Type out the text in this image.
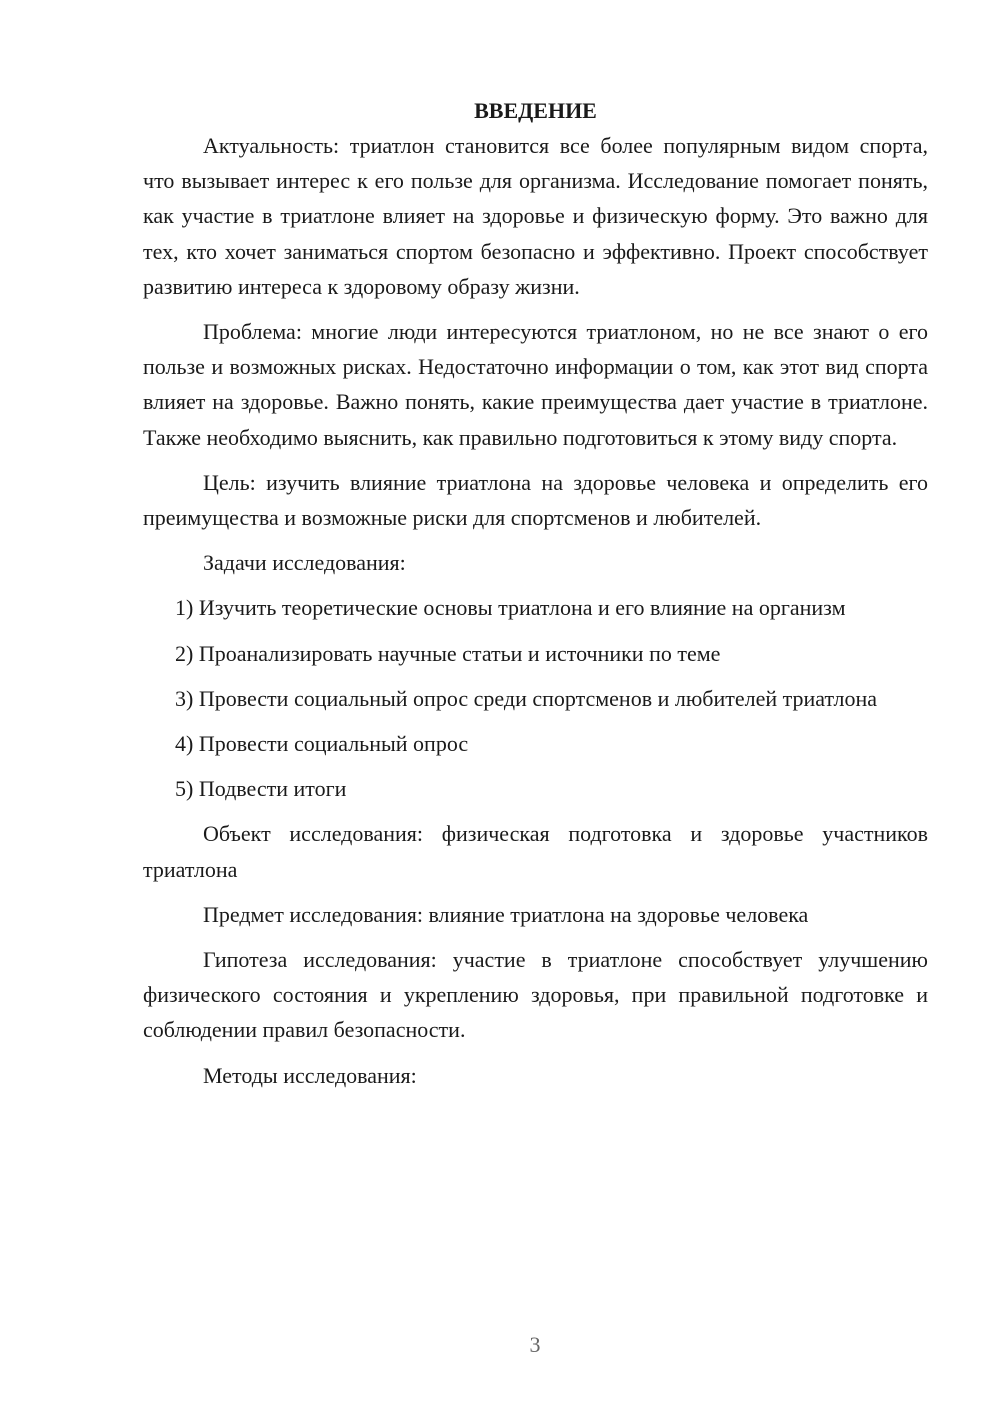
ВВЕДЕНИЕ

Актуальность: триатлон становится все более популярным видом спорта, что вызывает интерес к его пользе для организма. Исследование помогает понять, как участие в триатлоне влияет на здоровье и физическую форму. Это важно для тех, кто хочет заниматься спортом безопасно и эффективно. Проект способствует развитию интереса к здоровому образу жизни.

Проблема: многие люди интересуются триатлоном, но не все знают о его пользе и возможных рисках. Недостаточно информации о том, как этот вид спорта влияет на здоровье. Важно понять, какие преимущества дает участие в триатлоне. Также необходимо выяснить, как правильно подготовиться к этому виду спорта.

Цель: изучить влияние триатлона на здоровье человека и определить его преимущества и возможные риски для спортсменов и любителей.

Задачи исследования:

1) Изучить теоретические основы триатлона и его влияние на организм

2) Проанализировать научные статьи и источники по теме

3) Провести социальный опрос среди спортсменов и любителей триатлона

4) Провести социальный опрос

5) Подвести итоги

Объект исследования: физическая подготовка и здоровье участников триатлона

Предмет исследования: влияние триатлона на здоровье человека

Гипотеза исследования: участие в триатлоне способствует улучшению физического состояния и укреплению здоровья, при правильной подготовке и соблюдении правил безопасности.

Методы исследования:

3
